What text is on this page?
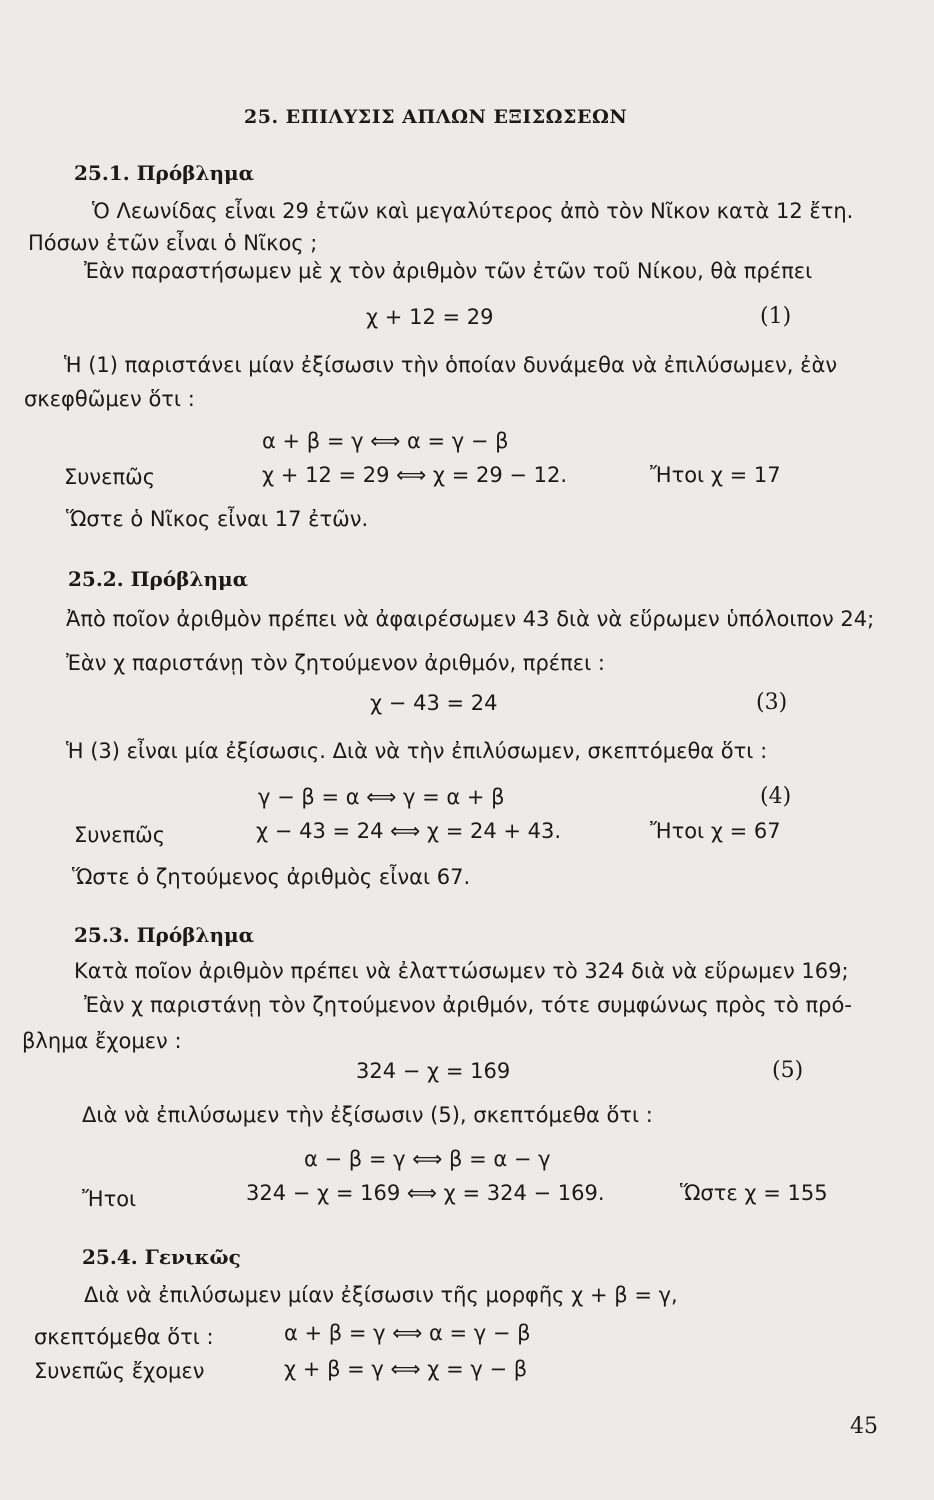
25. ΕΠΙΛΥΣΙΣ ΑΠΛΩΝ ΕΞΙΣΩΣΕΩΝ
25.1. Πρόβλημα
Ὁ Λεωνίδας εἶναι 29 ἐτῶν καὶ μεγαλύτερος ἀπὸ τὸν Νῖκον κατὰ 12 ἔτη.
Πόσων ἐτῶν εἶναι ὁ Νῖκος ;
Ἐὰν παραστήσωμεν μὲ χ τὸν ἀριθμὸν τῶν ἐτῶν τοῦ Νίκου, θὰ πρέπει
χ + 12 = 29	(1)
Ἡ (1) παριστάνει μίαν ἐξίσωσιν τὴν ὁποίαν δυνάμεθα νὰ ἐπιλύσωμεν, ἐὰν
σκεφθῶμεν ὅτι :
α + β = γ ⟺ α = γ − β
Συνεπῶς	χ + 12 = 29 ⟺ χ = 29 − 12.	Ἤτοι χ = 17
Ὥστε ὁ Νῖκος εἶναι 17 ἐτῶν.
25.2. Πρόβλημα
Ἀπὸ ποῖον ἀριθμὸν πρέπει νὰ ἀφαιρέσωμεν 43 διὰ νὰ εὕρωμεν ὑπόλοιπον 24;
Ἐὰν χ παριστάνῃ τὸν ζητούμενον ἀριθμόν, πρέπει :
χ − 43 = 24	(3)
Ἡ (3) εἶναι μία ἐξίσωσις. Διὰ νὰ τὴν ἐπιλύσωμεν, σκεπτόμεθα ὅτι :
γ − β = α ⟺ γ = α + β	(4)
Συνεπῶς	χ − 43 = 24 ⟺ χ = 24 + 43.	Ἤτοι χ = 67
Ὥστε ὁ ζητούμενος ἀριθμὸς εἶναι 67.
25.3. Πρόβλημα
Κατὰ ποῖον ἀριθμὸν πρέπει νὰ ἐλαττώσωμεν τὸ 324 διὰ νὰ εὕρωμεν 169;
Ἐὰν χ παριστάνῃ τὸν ζητούμενον ἀριθμόν, τότε συμφώνως πρὸς τὸ πρό-
βλημα ἔχομεν :
324 − χ = 169	(5)
Διὰ νὰ ἐπιλύσωμεν τὴν ἐξίσωσιν (5), σκεπτόμεθα ὅτι :
α − β = γ ⟺ β = α − γ
Ἤτοι	324 − χ = 169 ⟺ χ = 324 − 169.	Ὥστε χ = 155
25.4. Γενικῶς
Διὰ νὰ ἐπιλύσωμεν μίαν ἐξίσωσιν τῆς μορφῆς χ + β = γ,
σκεπτόμεθα ὅτι :	α + β = γ ⟺ α = γ − β
Συνεπῶς ἔχομεν	χ + β = γ ⟺ χ = γ − β
45
